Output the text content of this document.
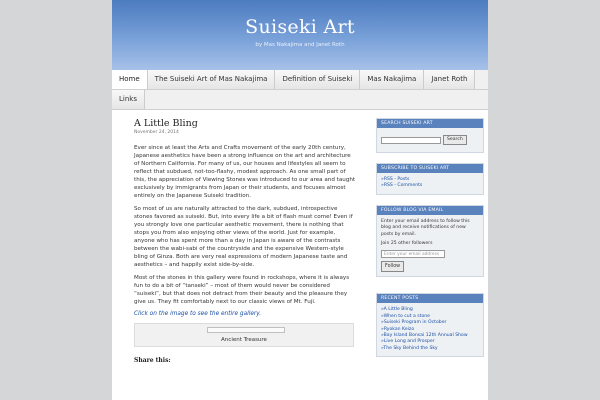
Suiseki Art
by Mas Nakajima and Janet Roth
Home	The Suiseki Art of Mas Nakajima	Definition of Suiseki	Mas Nakajima	Janet Roth
Links
A Little Bling
November 24, 2014

Ever since at least the Arts and Crafts movement of the early 20th century, Japanese aesthetics have been a strong influence on the art and architecture of Northern California. For many of us, our houses and lifestyles all seem to reflect that subdued, not-too-flashy, modest approach. As one small part of this, the appreciation of Viewing Stones was introduced to our area and taught exclusively by immigrants from Japan or their students, and focuses almost entirely on the Japanese Suiseki tradition.

So most of us are naturally attracted to the dark, subdued, introspective stones favored as suiseki. But, into every life a bit of flash must come! Even if you strongly love one particular aesthetic movement, there is nothing that stops you from also enjoying other views of the world. Just for example, anyone who has spent more than a day in Japan is aware of the contrasts between the wabi-sabi of the countryside and the expensive Western-style bling of Ginza. Both are very real expressions of modern Japanese taste and aesthetics – and happily exist side-by-side.

Most of the stones in this gallery were found in rockshops, where it is always fun to do a bit of “tanseki” – most of them would never be considered “suiseki”, but that does not detract from their beauty and the pleasure they give us. They fit comfortably next to our classic views of Mt. Fuji.

Click on the image to see the entire gallery.
Ancient Treasure
Share this:
SEARCH SUISEKI ART
Search
SUBSCRIBE TO SUISEKI ART
» RSS - Posts
» RSS - Comments
FOLLOW BLOG VIA EMAIL
Enter your email address to follow this blog and receive notifications of new posts by email.
Join 25 other followers
Enter your email address
Follow
RECENT POSTS
» A Little Bling
» When to cut a stone
» Suiseki Program in October
» Ryokan Keizo
» Bay Island Bonsai 12th Annual Show
» Live Long and Prosper
» The Sky Behind the Sky
